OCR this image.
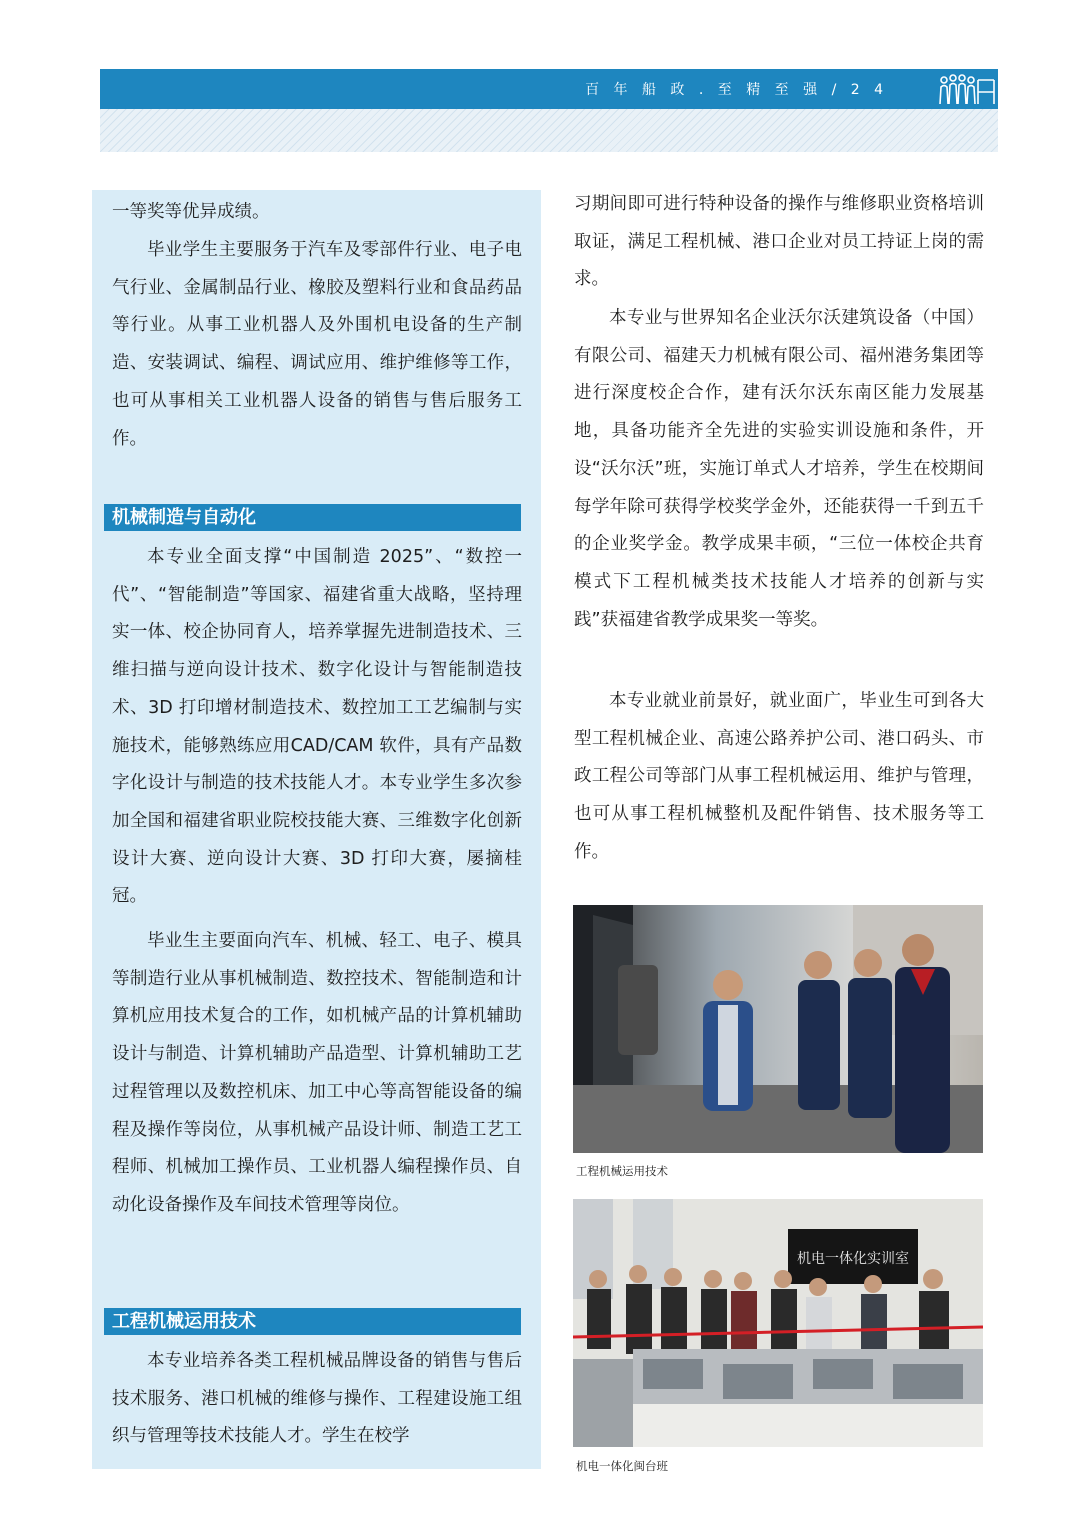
百 年 船 政 . 至 精 至 强 / 2 4

一等奖等优异成绩。

毕业学生主要服务于汽车及零部件行业、电子电气行业、金属制品行业、橡胶及塑料行业和食品药品等行业。从事工业机器人及外围机电设备的生产制造、安装调试、编程、调试应用、维护维修等工作，也可从事相关工业机器人设备的销售与售后服务工作。

机械制造与自动化

本专业全面支撑“中国制造 2025”、“数控一代”、“智能制造”等国家、福建省重大战略，坚持理实一体、校企协同育人，培养掌握先进制造技术、三维扫描与逆向设计技术、数字化设计与智能制造技术、3D 打印增材制造技术、数控加工工艺编制与实施技术，能够熟练应用CAD/CAM 软件，具有产品数字化设计与制造的技术技能人才。本专业学生多次参加全国和福建省职业院校技能大赛、三维数字化创新设计大赛、逆向设计大赛、3D 打印大赛，屡摘桂冠。

毕业生主要面向汽车、机械、轻工、电子、模具等制造行业从事机械制造、数控技术、智能制造和计算机应用技术复合的工作，如机械产品的计算机辅助设计与制造、计算机辅助产品造型、计算机辅助工艺过程管理以及数控机床、加工中心等高智能设备的编程及操作等岗位，从事机械产品设计师、制造工艺工程师、机械加工操作员、工业机器人编程操作员、自动化设备操作及车间技术管理等岗位。

工程机械运用技术

本专业培养各类工程机械品牌设备的销售与售后技术服务、港口机械的维修与操作、工程建设施工组织与管理等技术技能人才。学生在校学

习期间即可进行特种设备的操作与维修职业资格培训取证，满足工程机械、港口企业对员工持证上岗的需求。

本专业与世界知名企业沃尔沃建筑设备（中国）有限公司、福建天力机械有限公司、福州港务集团等进行深度校企合作，建有沃尔沃东南区能力发展基地，具备功能齐全先进的实验实训设施和条件，开设“沃尔沃”班，实施订单式人才培养，学生在校期间每学年除可获得学校奖学金外，还能获得一千到五千的企业奖学金。教学成果丰硕，“三位一体校企共育模式下工程机械类技术技能人才培养的创新与实践”获福建省教学成果奖一等奖。

本专业就业前景好，就业面广，毕业生可到各大型工程机械企业、高速公路养护公司、港口码头、市政工程公司等部门从事工程机械运用、维护与管理，也可从事工程机械整机及配件销售、技术服务等工作。

工程机械运用技术
机电一体化实训室
机电一体化闽台班
